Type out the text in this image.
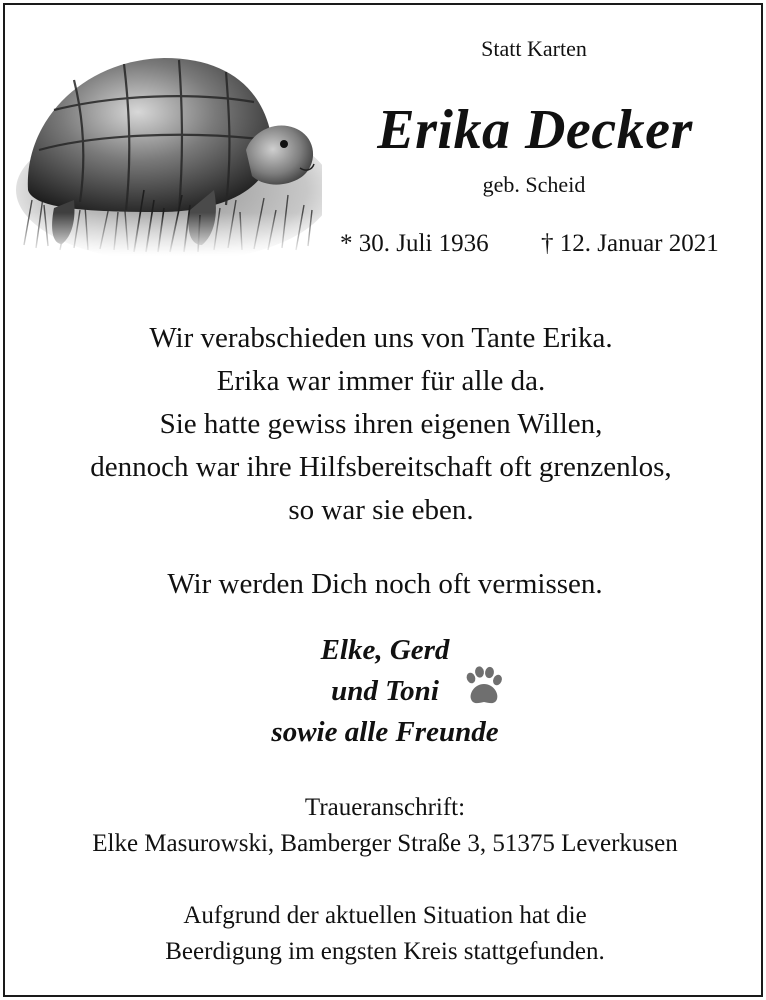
Statt Karten

Erika Decker

geb. Scheid

* 30. Juli 1936 † 12. Januar 2021

Wir verabschieden uns von Tante Erika.
Erika war immer für alle da.
Sie hatte gewiss ihren eigenen Willen,
dennoch war ihre Hilfsbereitschaft oft grenzenlos,
so war sie eben.

Wir werden Dich noch oft vermissen.

Elke, Gerd
und Toni
sowie alle Freunde

Traueranschrift:

Elke Masurowski, Bamberger Straße 3, 51375 Leverkusen

Aufgrund der aktuellen Situation hat die
Beerdigung im engsten Kreis stattgefunden.
